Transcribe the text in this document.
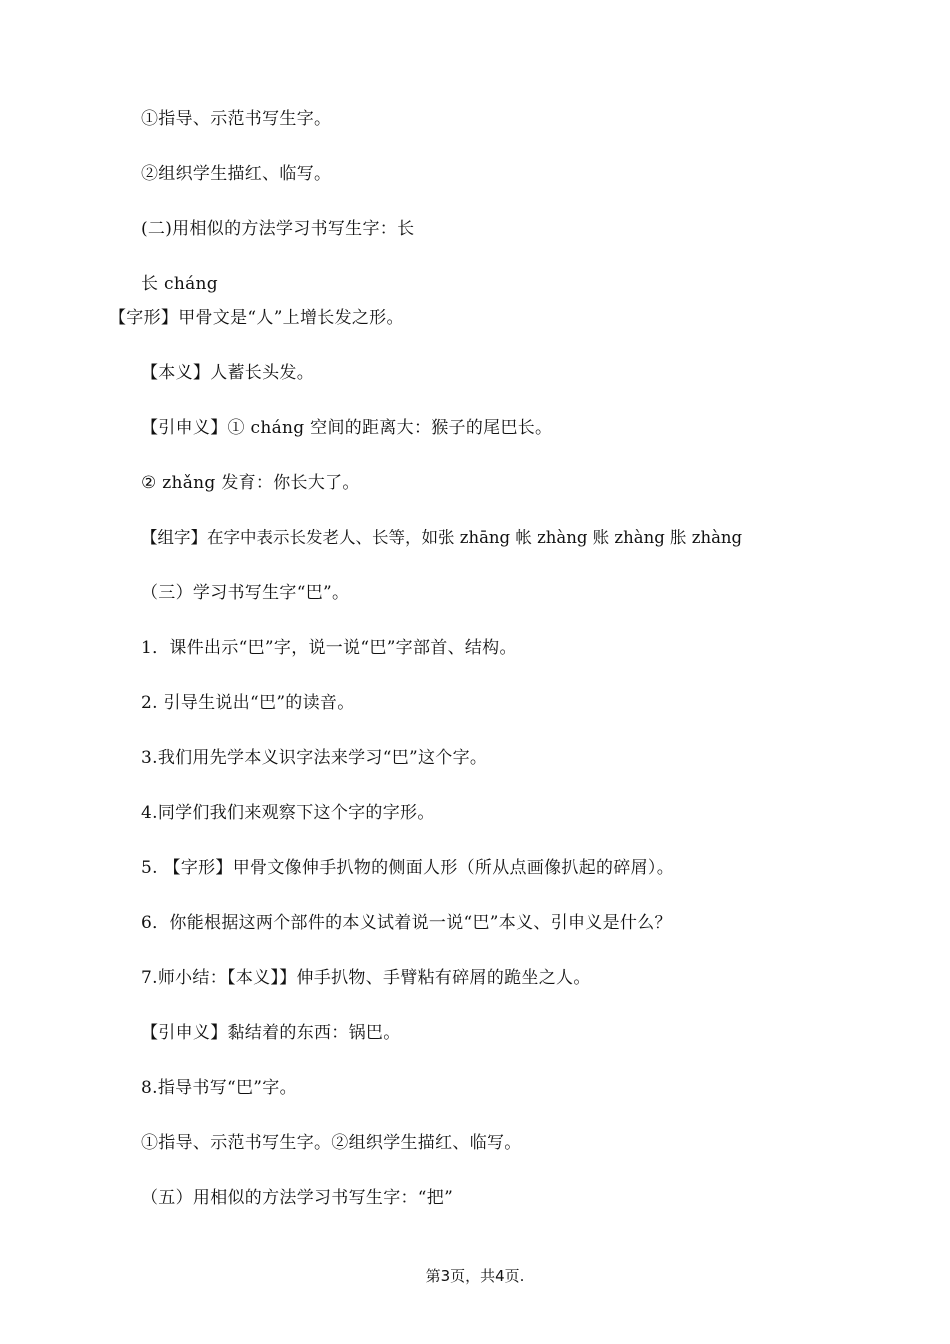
①指导、示范书写生字。
②组织学生描红、临写。
(二)用相似的方法学习书写生字：长
长 cháng
【字形】甲骨文是“人”上增长发之形。
【本义】人蓄长头发。
【引申义】① cháng 空间的距离大：猴子的尾巴长。
② zhǎng 发育：你长大了。
【组字】在字中表示长发老人、长等，如张 zhāng 帐 zhàng 账 zhàng 胀 zhàng
（三）学习书写生字“巴”。
1．课件出示“巴”字，说一说“巴”字部首、结构。
2. 引导生说出“巴”的读音。
3.我们用先学本义识字法来学习“巴”这个字。
4.同学们我们来观察下这个字的字形。
5. 【字形】甲骨文像伸手扒物的侧面人形（所从点画像扒起的碎屑）。
6．你能根据这两个部件的本义试着说一说“巴”本义、引申义是什么？
7.师小结：【本义】】伸手扒物、手臂粘有碎屑的跪坐之人。
【引申义】黏结着的东西：锅巴。
8.指导书写“巴”字。
①指导、示范书写生字。②组织学生描红、临写。
（五）用相似的方法学习书写生字：“把”
第3页，共4页.
